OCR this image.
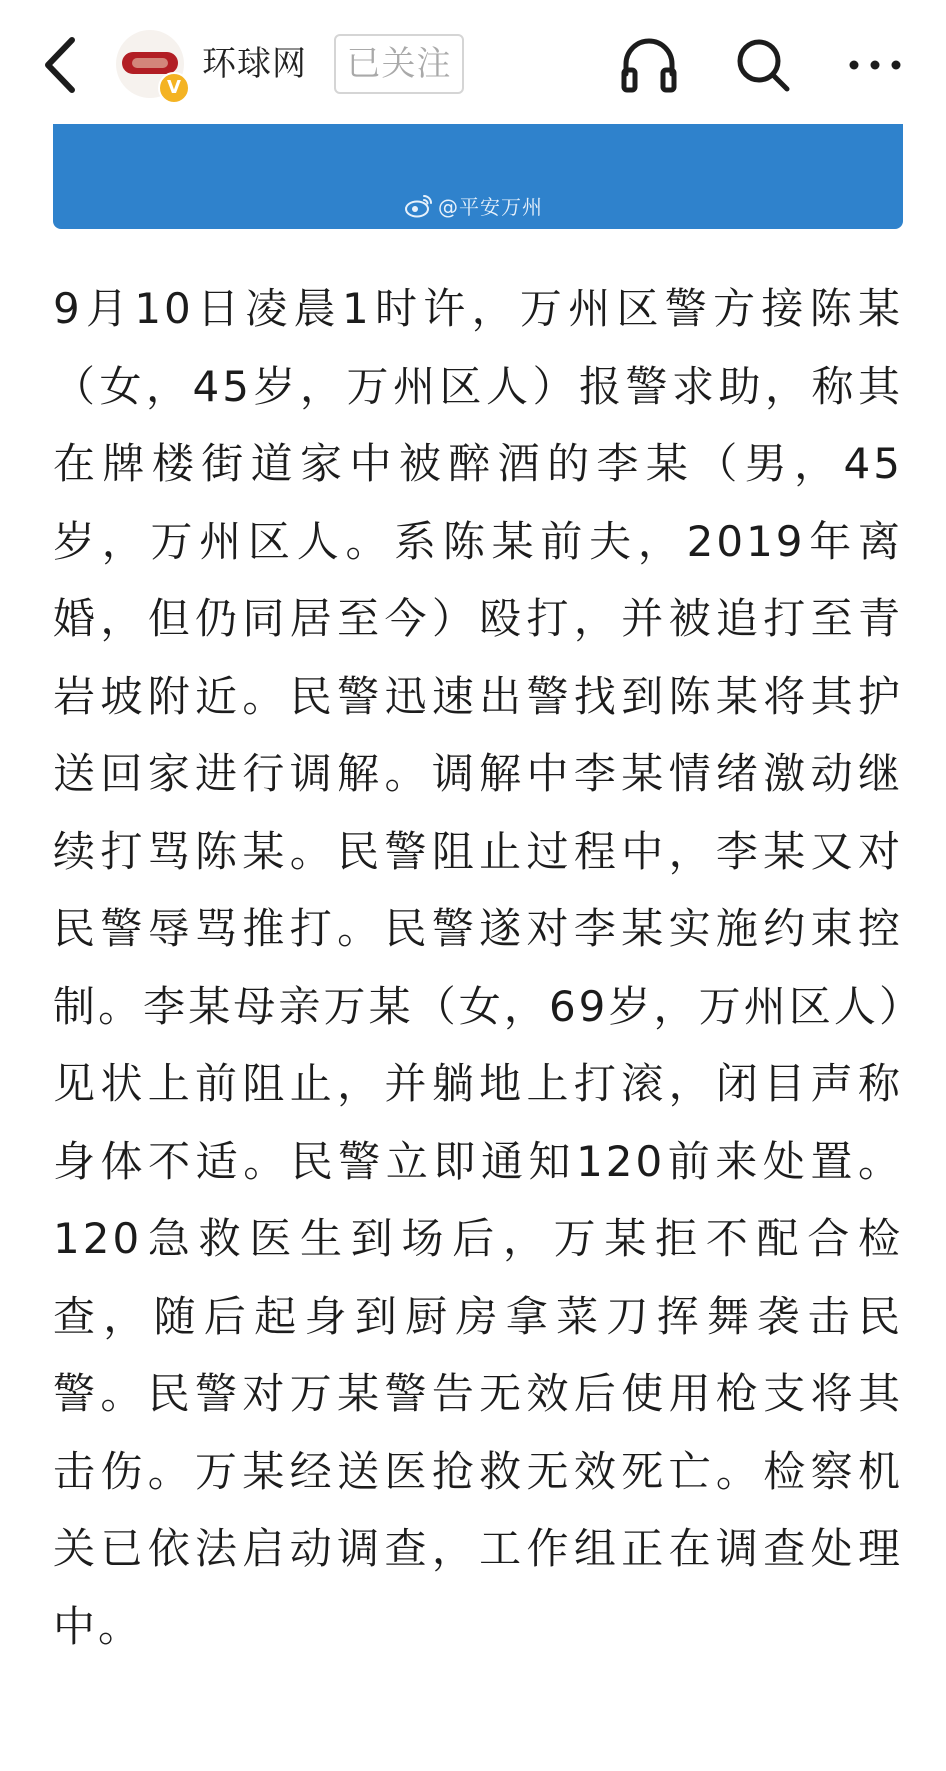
V
环球网	已关注
@平安万州

9月10日凌晨1时许，万州区警方接陈某（女，45岁，万州区人）报警求助，称其在牌楼街道家中被醉酒的李某（男，45岁，万州区人。系陈某前夫，2019年离婚，但仍同居至今）殴打，并被追打至青岩坡附近。民警迅速出警找到陈某将其护送回家进行调解。调解中李某情绪激动继续打骂陈某。民警阻止过程中，李某又对民警辱骂推打。民警遂对李某实施约束控制。李某母亲万某（女，69岁，万州区人）见状上前阻止，并躺地上打滚，闭目声称身体不适。民警立即通知120前来处置。120急救医生到场后，万某拒不配合检查，随后起身到厨房拿菜刀挥舞袭击民警。民警对万某警告无效后使用枪支将其击伤。万某经送医抢救无效死亡。检察机关已依法启动调查，工作组正在调查处理中。
